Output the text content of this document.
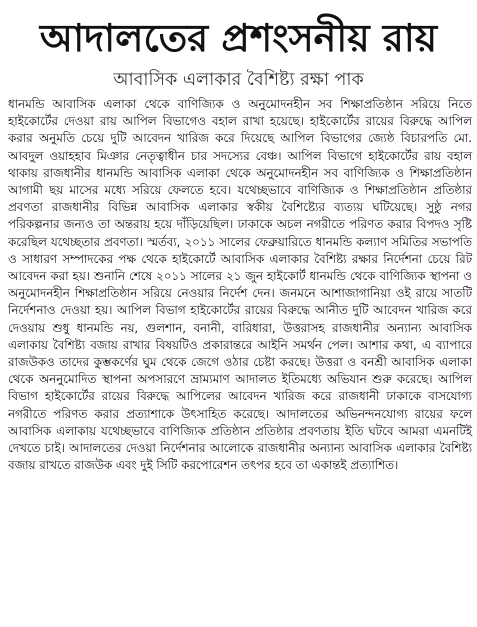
আদালতের প্রশংসনীয় রায়
আবাসিক এলাকার বৈশিষ্ট্য রক্ষা পাক

ধানমন্ডি আবাসিক এলাকা থেকে বাণিজ্যিক ও অনুমোদনহীন সব শিক্ষাপ্রতিষ্ঠান সরিয়ে নিতে হাইকোর্টের দেওয়া রায় আপিল বিভাগেও বহাল রাখা হয়েছে। হাইকোর্টের রায়ের বিরুদ্ধে আপিল করার অনুমতি চেয়ে দুটি আবেদন খারিজ করে দিয়েছে আপিল বিভাগের জ্যেষ্ঠ বিচারপতি মো. আবদুল ওয়াহহাব মিঞার নেতৃত্বাধীন চার সদস্যের বেঞ্চ। আপিল বিভাগে হাইকোর্টের রায় বহাল থাকায় রাজধানীর ধানমন্ডি আবাসিক এলাকা থেকে অনুমোদনহীন সব বাণিজ্যিক ও শিক্ষাপ্রতিষ্ঠান আগামী ছয় মাসের মধ্যে সরিয়ে ফেলতে হবে। যথেচ্ছভাবে বাণিজ্যিক ও শিক্ষাপ্রতিষ্ঠান প্রতিষ্ঠার প্রবণতা রাজধানীর বিভিন্ন আবাসিক এলাকার স্বকীয় বৈশিষ্ট্যের ব্যত্যয় ঘটিয়েছে। সুষ্ঠু নগর পরিকল্পনার জন্যও তা অন্তরায় হয়ে দাঁড়িয়েছিল। ঢাকাকে অচল নগরীতে পরিণত করার বিপদও সৃষ্টি করেছিল যথেচ্ছতার প্রবণতা। স্মর্তব্য, ২০১১ সালের ফেব্রুয়ারিতে ধানমন্ডি কল্যাণ সমিতির সভাপতি ও সাধারণ সম্পাদকের পক্ষ থেকে হাইকোর্টে আবাসিক এলাকার বৈশিষ্ট্য রক্ষার নির্দেশনা চেয়ে রিট আবেদন করা হয়। শুনানি শেষে ২০১১ সালের ২১ জুন হাইকোর্ট ধানমন্ডি থেকে বাণিজ্যিক স্থাপনা ও অনুমোদনহীন শিক্ষাপ্রতিষ্ঠান সরিয়ে নেওয়ার নির্দেশ দেন। জনমনে আশাজাগানিয়া ওই রায়ে সাতটি নির্দেশনাও দেওয়া হয়। আপিল বিভাগ হাইকোর্টের রায়ের বিরুদ্ধে আনীত দুটি আবেদন খারিজ করে দেওয়ায় শুধু ধানমন্ডি নয়, গুলশান, বনানী, বারিধারা, উত্তরাসহ রাজধানীর অন্যান্য আবাসিক এলাকায় বৈশিষ্ট্য বজায় রাখার বিষয়টিও প্রকারান্তরে আইনি সমর্থন পেল। আশার কথা, এ ব্যাপারে রাজউকও তাদের কুম্ভকর্ণের ঘুম থেকে জেগে ওঠার চেষ্টা করছে। উত্তরা ও বনশ্রী আবাসিক এলাকা থেকে অননুমোদিত স্থাপনা অপসারণে ভ্রাম্যমাণ আদালত ইতিমধ্যে অভিযান শুরু করেছে। আপিল বিভাগ হাইকোর্টের রায়ের বিরুদ্ধে আপিলের আবেদন খারিজ করে রাজধানী ঢাকাকে বাসযোগ্য নগরীতে পরিণত করার প্রত্যাশাকে উৎসাহিত করেছে। আদালতের অভিনন্দনযোগ্য রায়ের ফলে আবাসিক এলাকায় যথেচ্ছভাবে বাণিজ্যিক প্রতিষ্ঠান প্রতিষ্ঠার প্রবণতায় ইতি ঘটবে আমরা এমনটিই দেখতে চাই। আদালতের দেওয়া নির্দেশনার আলোকে রাজধানীর অন্যান্য আবাসিক এলাকার বৈশিষ্ট্য বজায় রাখতে রাজউক এবং দুই সিটি করপোরেশন তৎপর হবে তা একান্তই প্রত্যাশিত।
